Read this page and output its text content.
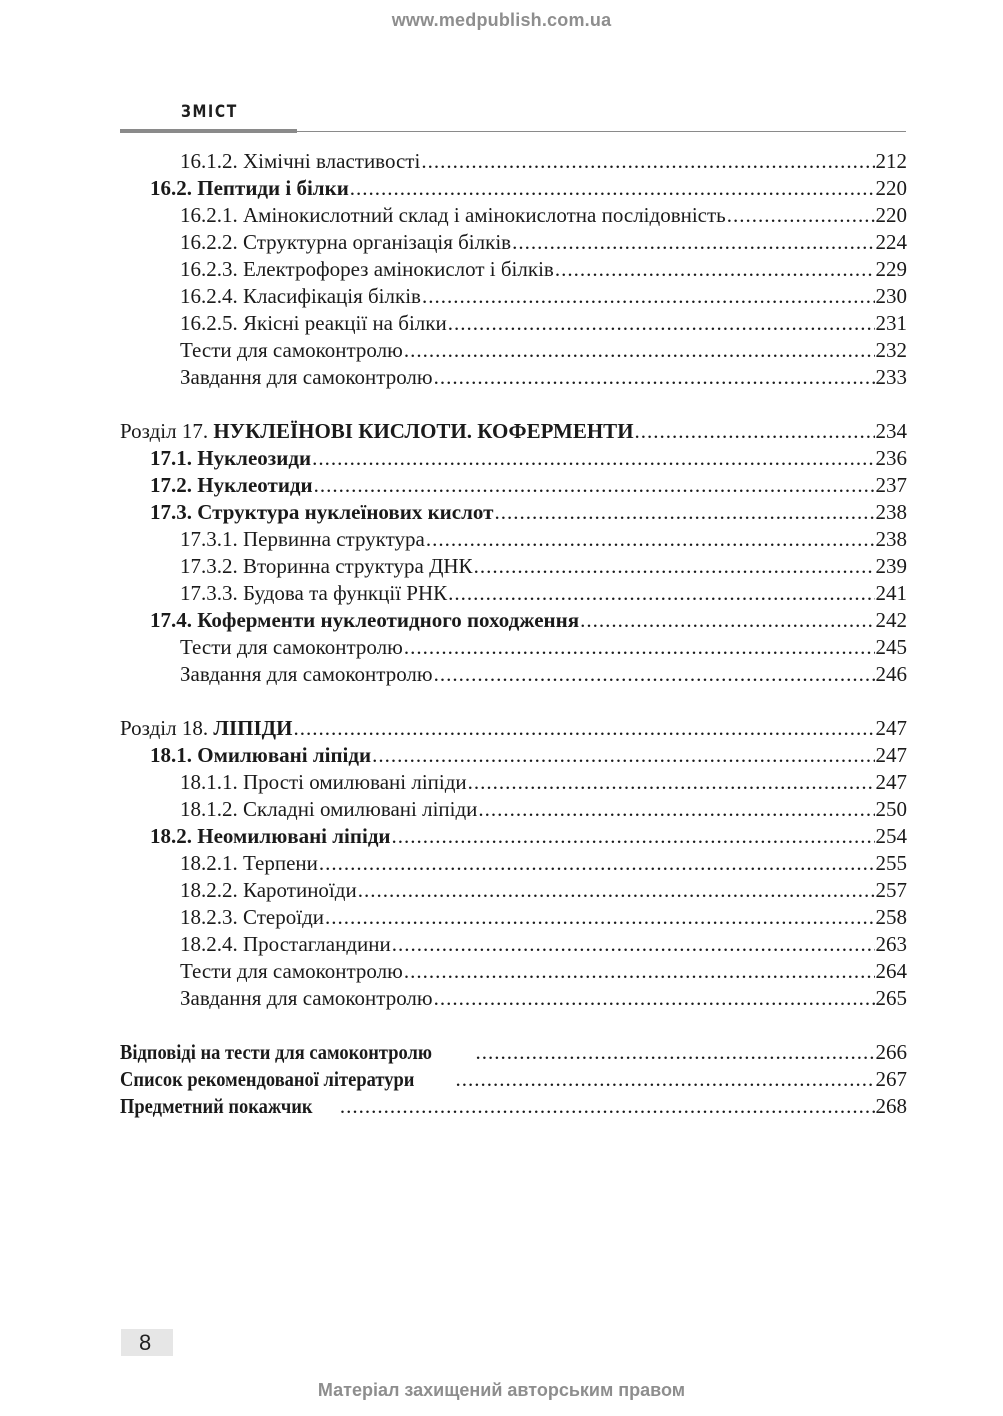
www.medpublish.com.ua
ЗМІСТ
16.1.2. Хімічні властивості .....	212
16.2. Пептиди і білки .....	220
16.2.1. Амінокислотний склад і амінокислотна послідовність .....	220
16.2.2. Структурна організація білків .....	224
16.2.3. Електрофорез амінокислот і білків .....	229
16.2.4. Класифікація білків .....	230
16.2.5. Якісні реакції на білки .....	231
Тести для самоконтролю .....	232
Завдання для самоконтролю .....	233
Розділ 17. НУКЛЕЇНОВІ КИСЛОТИ. КОФЕРМЕНТИ .....	234
17.1. Нуклеозиди .....	236
17.2. Нуклеотиди .....	237
17.3. Структура нуклеїнових кислот .....	238
17.3.1. Первинна структура .....	238
17.3.2. Вторинна структура ДНК .....	239
17.3.3. Будова та функції РНК .....	241
17.4. Коферменти нуклеотидного походження .....	242
Тести для самоконтролю .....	245
Завдання для самоконтролю .....	246
Розділ 18. ЛІПІДИ .....	247
18.1. Омилювані ліпіди .....	247
18.1.1. Прості омилювані ліпіди .....	247
18.1.2. Складні омилювані ліпіди .....	250
18.2. Неомилювані ліпіди .....	254
18.2.1. Терпени .....	255
18.2.2. Каротиноїди .....	257
18.2.3. Стероїди .....	258
18.2.4. Простагландини .....	263
Тести для самоконтролю .....	264
Завдання для самоконтролю .....	265
Відповіді на тести для самоконтролю .....	266
Список рекомендованої літератури .....	267
Предметний покажчик .....	268
8
Матеріал захищений авторським правом
